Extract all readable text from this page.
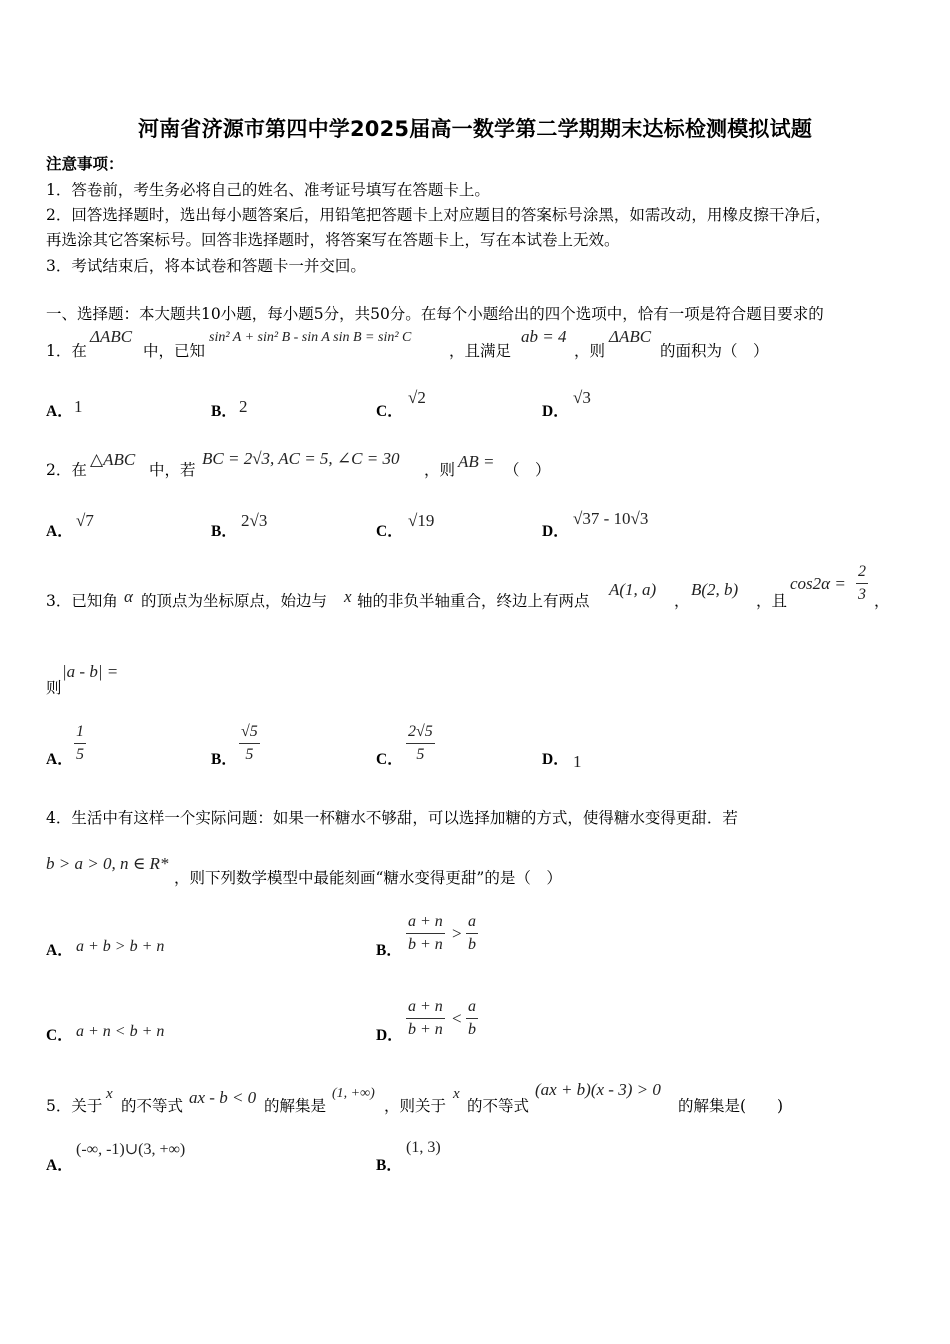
河南省济源市第四中学2025届高一数学第二学期期末达标检测模拟试题
注意事项：
1．答卷前，考生务必将自己的姓名、准考证号填写在答题卡上。
2．回答选择题时，选出每小题答案后，用铅笔把答题卡上对应题目的答案标号涂黑，如需改动，用橡皮擦干净后，
再选涂其它答案标号。回答非选择题时，将答案写在答题卡上，写在本试卷上无效。
3．考试结束后，将本试卷和答题卡一并交回。
一、选择题：本大题共10小题，每小题5分，共50分。在每个小题给出的四个选项中，恰有一项是符合题目要求的
1．在
ΔABC
中，已知
sin² A + sin² B - sin A sin B = sin² C
，且满足
ab = 4
，则
ΔABC
的面积为（　）
A． 1	B． 2	C．
√2
D．
√3
2．在
△ABC
中，若
BC = 2√3, AC = 5, ∠C = 30
，则 AB = （　）
A．
√7
B．
2√3
C．
√19
D．
√37 - 10√3
3．已知角 α 的顶点为坐标原点，始边与 x 轴的非负半轴重合，终边上有两点
A(1, a)
，
B(2, b)
，且
$\cos 2\alpha = \frac{2}{3}$ ，
则
|a - b| =
A． $\frac{1}{5}$	B． $\frac{√5}{5}$	C． $\frac{2√5}{5}$	D． 1
4．生活中有这样一个实际问题：如果一杯糖水不够甜，可以选择加糖的方式，使得糖水变得更甜．若
b > a > 0, n ∈ R*
，则下列数学模型中最能刻画“糖水变得更甜”的是（　）
A． a + b > b + n	B． $\frac{a + n}{b + n} > \frac{a}{b}$
C． a + n < b + n	D． $\frac{a + n}{b + n} < \frac{a}{b}$
5．关于
x
的不等式 ax - b < 0 的解集是
(1, +∞)
，则关于
x
的不等式
(ax + b)(x - 3) > 0
的解集是(　　)
A．
(-∞, -1)∪(3, +∞)
B．
(1, 3)
